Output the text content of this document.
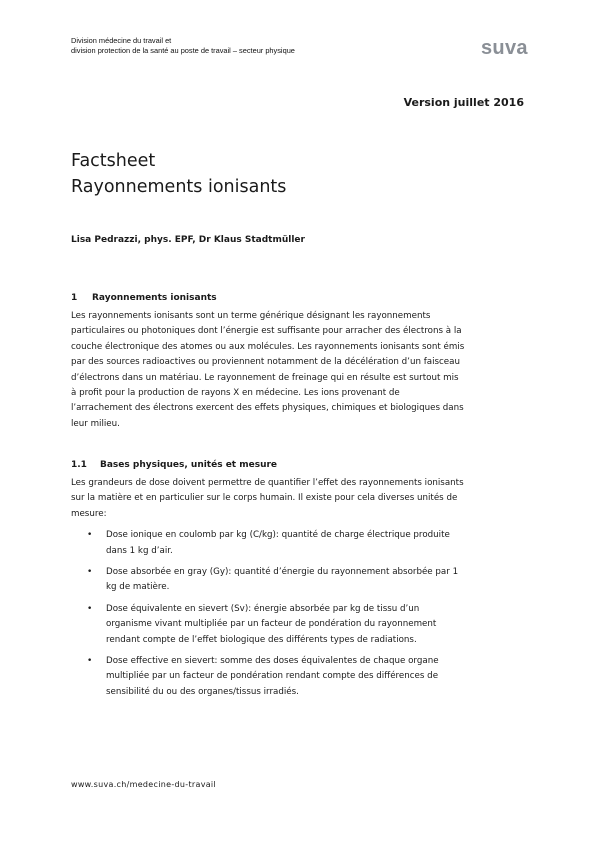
Division médecine du travail et
division protection de la santé au poste de travail – secteur physique	suva
Version juillet 2016
Factsheet
Rayonnements ionisants
Lisa Pedrazzi, phys. EPF, Dr Klaus Stadtmüller
1	Rayonnements ionisants
Les rayonnements ionisants sont un terme générique désignant les rayonnements
particulaires ou photoniques dont l’énergie est suffisante pour arracher des électrons à la
couche électronique des atomes ou aux molécules. Les rayonnements ionisants sont émis
par des sources radioactives ou proviennent notamment de la décélération d’un faisceau
d’électrons dans un matériau. Le rayonnement de freinage qui en résulte est surtout mis
à profit pour la production de rayons X en médecine. Les ions provenant de
l’arrachement des électrons exercent des effets physiques, chimiques et biologiques dans
leur milieu.
1.1	Bases physiques, unités et mesure
Les grandeurs de dose doivent permettre de quantifier l’effet des rayonnements ionisants
sur la matière et en particulier sur le corps humain. Il existe pour cela diverses unités de
mesure:
• Dose ionique en coulomb par kg (C/kg): quantité de charge électrique produite
dans 1 kg d’air.
• Dose absorbée en gray (Gy): quantité d’énergie du rayonnement absorbée par 1
kg de matière.
• Dose équivalente en sievert (Sv): énergie absorbée par kg de tissu d’un
organisme vivant multipliée par un facteur de pondération du rayonnement
rendant compte de l’effet biologique des différents types de radiations.
• Dose effective en sievert: somme des doses équivalentes de chaque organe
multipliée par un facteur de pondération rendant compte des différences de
sensibilité du ou des organes/tissus irradiés.
www.suva.ch/medecine-du-travail
